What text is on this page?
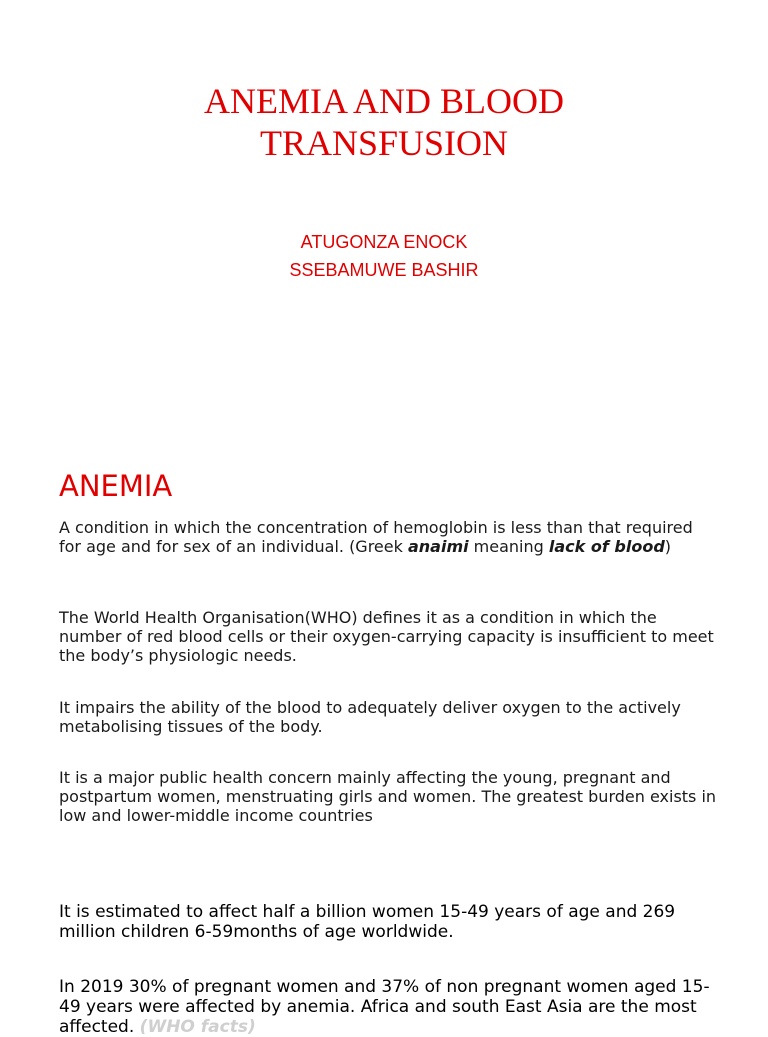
ANEMIA AND BLOOD
TRANSFUSION
ATUGONZA ENOCK
SSEBAMUWE BASHIR
ANEMIA

A condition in which the concentration of hemoglobin is less than that required for age and for sex of an individual. (Greek anaimi meaning lack of blood)

The World Health Organisation(WHO) defines it as a condition in which the number of red blood cells or their oxygen-carrying capacity is insufficient to meet the body’s physiologic needs.

It impairs the ability of the blood to adequately deliver oxygen to the actively metabolising tissues of the body.

It is a major public health concern mainly affecting the young, pregnant and postpartum women, menstruating girls and women. The greatest burden exists in low and lower-middle income countries

It is estimated to affect half a billion women 15-49 years of age and 269 million children 6-59months of age worldwide.

In 2019 30% of pregnant women and 37% of non pregnant women aged 15-49 years were affected by anemia. Africa and south East Asia are the most affected. (WHO facts)
